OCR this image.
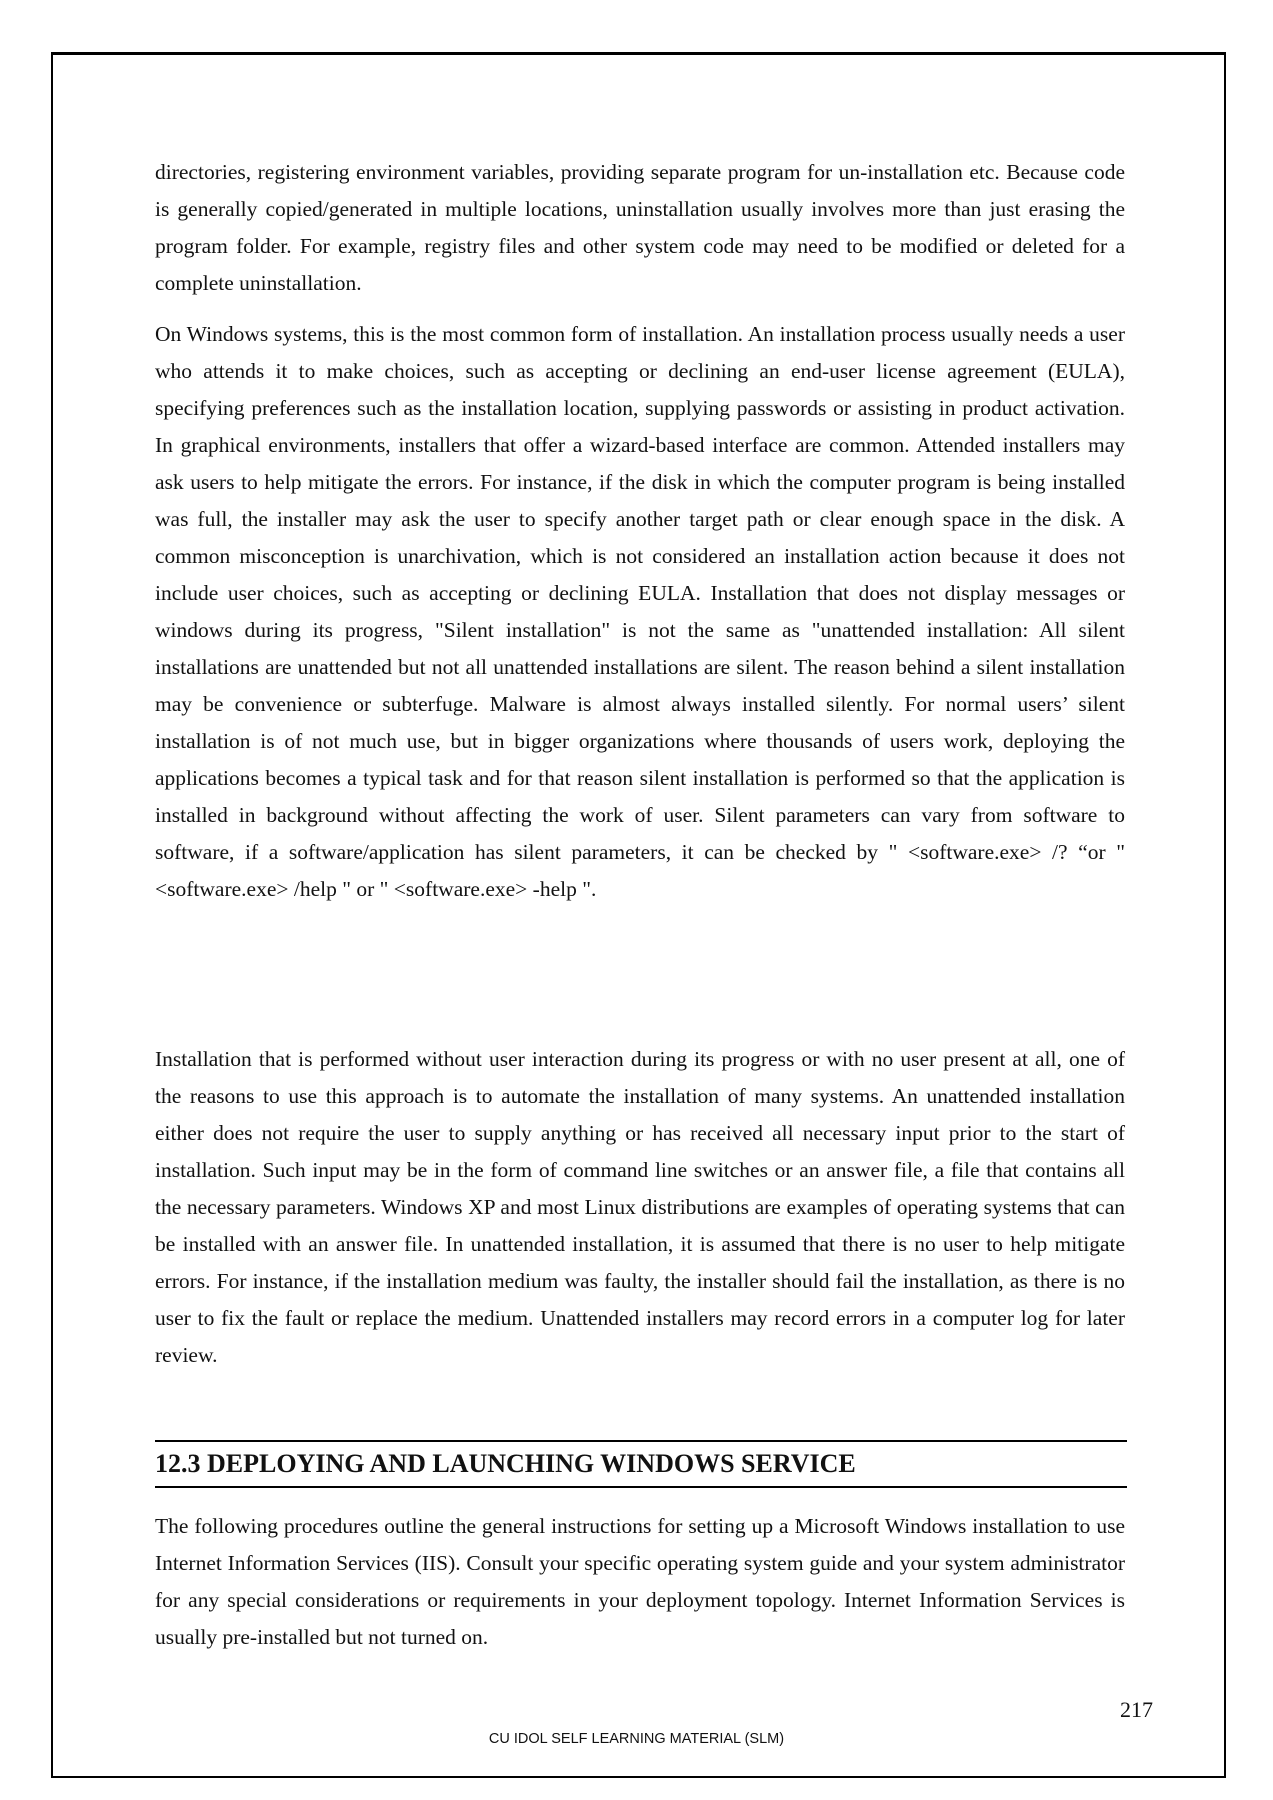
directories, registering environment variables, providing separate program for un-installation etc. Because code is generally copied/generated in multiple locations, uninstallation usually involves more than just erasing the program folder. For example, registry files and other system code may need to be modified or deleted for a complete uninstallation.

On Windows systems, this is the most common form of installation. An installation process usually needs a user who attends it to make choices, such as accepting or declining an end-user license agreement (EULA), specifying preferences such as the installation location, supplying passwords or assisting in product activation. In graphical environments, installers that offer a wizard-based interface are common. Attended installers may ask users to help mitigate the errors. For instance, if the disk in which the computer program is being installed was full, the installer may ask the user to specify another target path or clear enough space in the disk. A common misconception is unarchivation, which is not considered an installation action because it does not include user choices, such as accepting or declining EULA. Installation that does not display messages or windows during its progress, "Silent installation" is not the same as "unattended installation: All silent installations are unattended but not all unattended installations are silent. The reason behind a silent installation may be convenience or subterfuge. Malware is almost always installed silently. For normal users’ silent installation is of not much use, but in bigger organizations where thousands of users work, deploying the applications becomes a typical task and for that reason silent installation is performed so that the application is installed in background without affecting the work of user. Silent parameters can vary from software to software, if a software/application has silent parameters, it can be checked by " <software.exe> /? “or " <software.exe> /help " or " <software.exe> -help ".

Installation that is performed without user interaction during its progress or with no user present at all, one of the reasons to use this approach is to automate the installation of many systems. An unattended installation either does not require the user to supply anything or has received all necessary input prior to the start of installation. Such input may be in the form of command line switches or an answer file, a file that contains all the necessary parameters. Windows XP and most Linux distributions are examples of operating systems that can be installed with an answer file. In unattended installation, it is assumed that there is no user to help mitigate errors. For instance, if the installation medium was faulty, the installer should fail the installation, as there is no user to fix the fault or replace the medium. Unattended installers may record errors in a computer log for later review.

12.3 DEPLOYING AND LAUNCHING WINDOWS SERVICE

The following procedures outline the general instructions for setting up a Microsoft Windows installation to use Internet Information Services (IIS). Consult your specific operating system guide and your system administrator for any special considerations or requirements in your deployment topology. Internet Information Services is usually pre-installed but not turned on.

217
CU IDOL SELF LEARNING MATERIAL (SLM)
